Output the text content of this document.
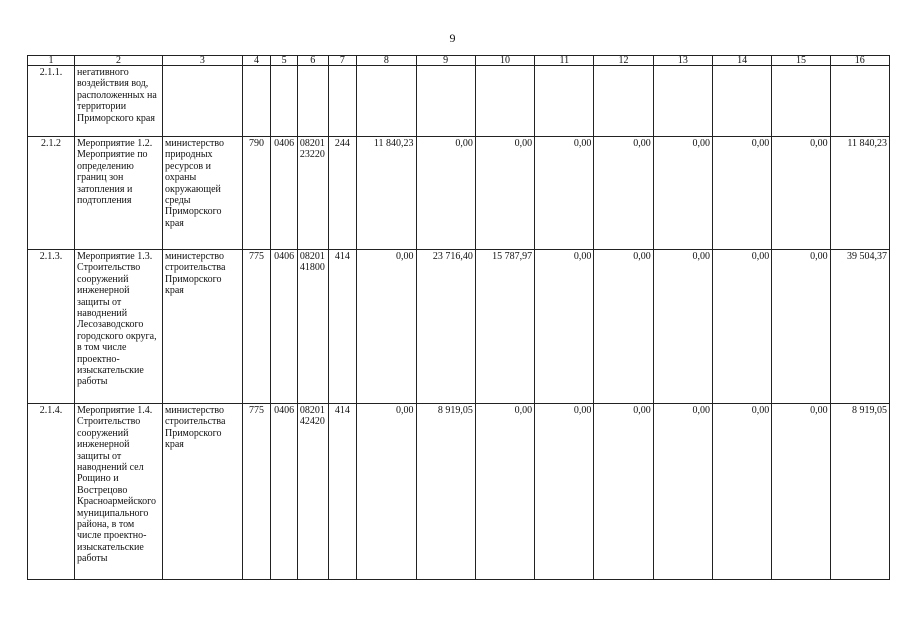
9
1	2	3	4	5	6	7	8	9	10	11	12	13	14	15	16
2.1.1.	негативного воздействия вод, расположенных на территории Приморского края														
2.1.2	Мероприятие 1.2. Мероприятие по определению границ зон затопления и подтопления	министерство природных ресурсов и охраны окружающей среды Приморского края	790	0406	08201 23220	244	11 840,23	0,00	0,00	0,00	0,00	0,00	0,00	0,00	11 840,23
2.1.3.	Мероприятие 1.3. Строительство сооружений инженерной защиты от наводнений Лесозаводского городского округа, в том числе проектно-изыскательские работы	министерство строительства Приморского края	775	0406	08201 41800	414	0,00	23 716,40	15 787,97	0,00	0,00	0,00	0,00	0,00	39 504,37
2.1.4.	Мероприятие 1.4. Строительство сооружений инженерной защиты от наводнений сел Рощино и Вострецово Красноармейского муниципального района, в том числе проектно-изыскательские работы	министерство строительства Приморского края	775	0406	08201 42420	414	0,00	8 919,05	0,00	0,00	0,00	0,00	0,00	0,00	8 919,05
